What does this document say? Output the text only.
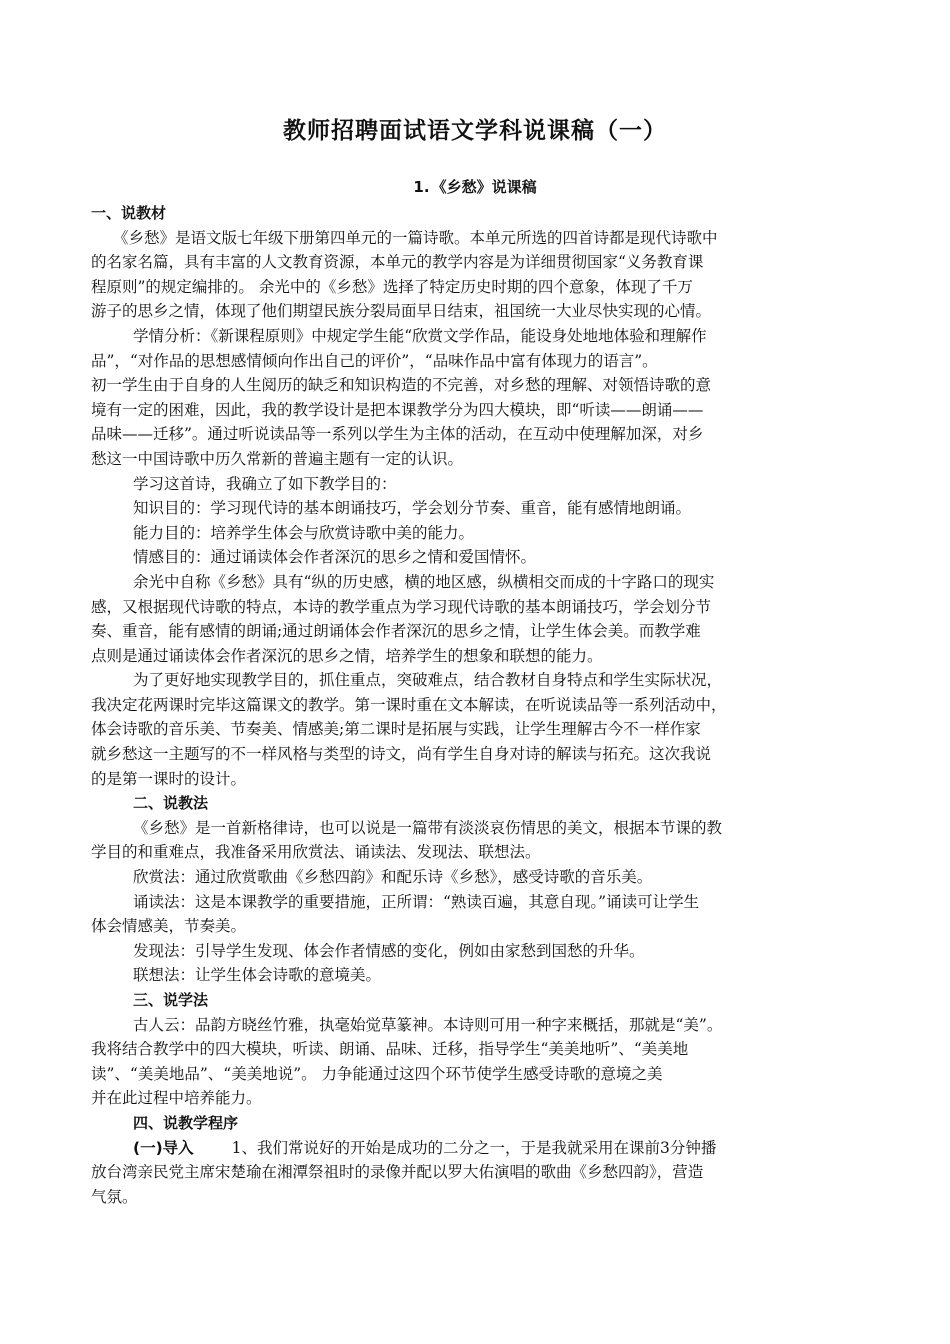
教师招聘面试语文学科说课稿（一）
1. 《乡愁》说课稿

一、说教材

《乡愁》是语文版七年级下册第四单元的一篇诗歌。本单元所选的四首诗都是现代诗歌中

的名家名篇，具有丰富的人文教育资源，本单元的教学内容是为详细贯彻国家“义务教育课

程原则”的规定编排的。 余光中的《乡愁》选择了特定历史时期的四个意象，体现了千万

游子的思乡之情，体现了他们期望民族分裂局面早日结束，祖国统一大业尽快实现的心情。

学情分析：《新课程原则》中规定学生能“欣赏文学作品，能设身处地地体验和理解作

品”，“对作品的思想感情倾向作出自己的评价”，“品味作品中富有体现力的语言”。

初一学生由于自身的人生阅历的缺乏和知识构造的不完善，对乡愁的理解、对领悟诗歌的意

境有一定的困难，因此，我的教学设计是把本课教学分为四大模块，即“听读——朗诵——

品味——迁移”。通过听说读品等一系列以学生为主体的活动，在互动中使理解加深，对乡

愁这一中国诗歌中历久常新的普遍主题有一定的认识。

学习这首诗，我确立了如下教学目的：

知识目的：学习现代诗的基本朗诵技巧，学会划分节奏、重音，能有感情地朗诵。

能力目的：培养学生体会与欣赏诗歌中美的能力。

情感目的：通过诵读体会作者深沉的思乡之情和爱国情怀。

余光中自称《乡愁》具有“纵的历史感，横的地区感，纵横相交而成的十字路口的现实

感，又根据现代诗歌的特点，本诗的教学重点为学习现代诗歌的基本朗诵技巧，学会划分节

奏、重音，能有感情的朗诵;通过朗诵体会作者深沉的思乡之情，让学生体会美。而教学难

点则是通过诵读体会作者深沉的思乡之情，培养学生的想象和联想的能力。

为了更好地实现教学目的，抓住重点，突破难点，结合教材自身特点和学生实际状况，

我决定花两课时完毕这篇课文的教学。第一课时重在文本解读，在听说读品等一系列活动中，

体会诗歌的音乐美、节奏美、情感美;第二课时是拓展与实践，让学生理解古今不一样作家

就乡愁这一主题写的不一样风格与类型的诗文，尚有学生自身对诗的解读与拓充。这次我说

的是第一课时的设计。

二、说教法

《乡愁》是一首新格律诗，也可以说是一篇带有淡淡哀伤情思的美文，根据本节课的教

学目的和重难点，我准备采用欣赏法、诵读法、发现法、联想法。

欣赏法：通过欣赏歌曲《乡愁四韵》和配乐诗《乡愁》，感受诗歌的音乐美。

诵读法：这是本课教学的重要措施，正所谓：“熟读百遍，其意自现。”诵读可让学生

体会情感美，节奏美。

发现法：引导学生发现、体会作者情感的变化，例如由家愁到国愁的升华。

联想法：让学生体会诗歌的意境美。

三、说学法

古人云：品韵方晓丝竹雅，执毫始觉草篆神。本诗则可用一种字来概括，那就是“美”。

我将结合教学中的四大模块，听读、朗诵、品味、迁移，指导学生“美美地听”、“美美地

读”、“美美地品”、“美美地说”。 力争能通过这四个环节使学生感受诗歌的意境之美

并在此过程中培养能力。

四、说教学程序

(一)导入 1、我们常说好的开始是成功的二分之一，于是我就采用在课前3分钟播

放台湾亲民党主席宋楚瑜在湘潭祭祖时的录像并配以罗大佑演唱的歌曲《乡愁四韵》，营造

气氛。
